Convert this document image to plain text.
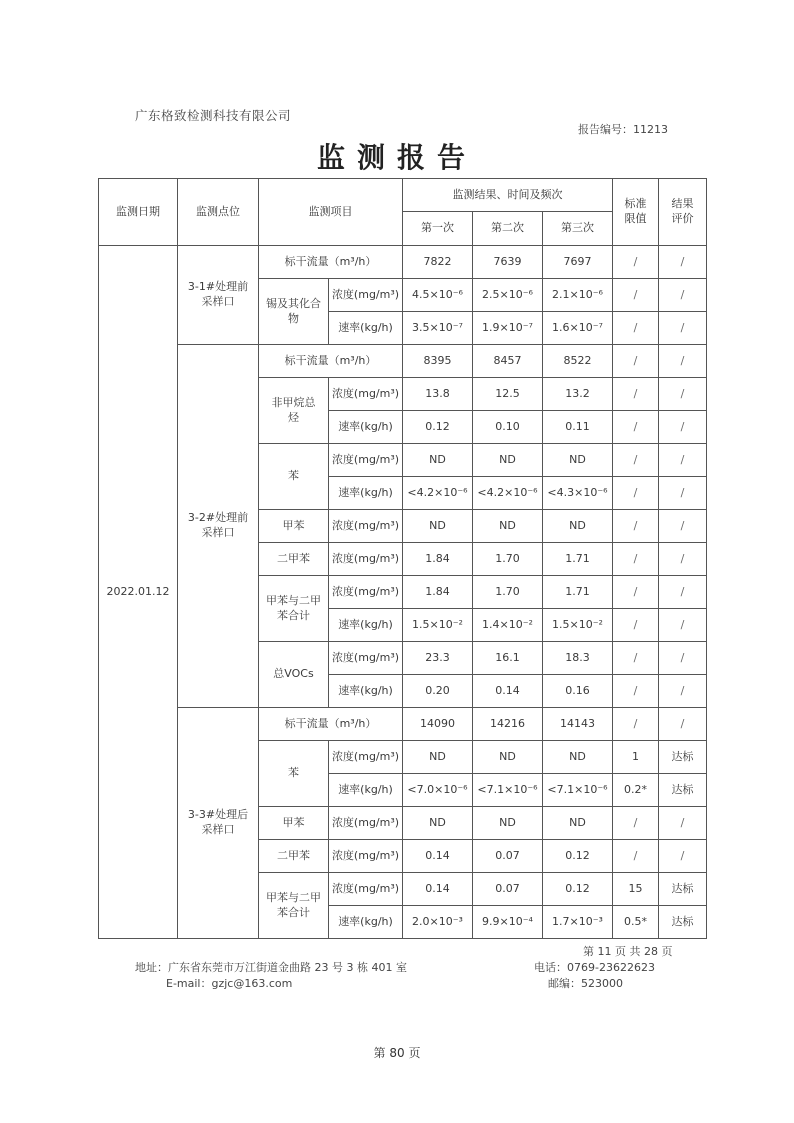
广东格致检测科技有限公司
报告编号：11213
监测报告
监测日期	监测点位	监测项目		监测结果、时间及频次			标准限值	结果评价
				第一次	第二次	第三次		
2022.01.12	3-1#处理前采样口	标干流量（m³/h）		7822	7639	7697	/	/
		锡及其化合物	浓度(mg/m³)	4.5×10⁻⁶	2.5×10⁻⁶	2.1×10⁻⁶	/	/
			速率(kg/h)	3.5×10⁻⁷	1.9×10⁻⁷	1.6×10⁻⁷	/	/
	3-2#处理前采样口	标干流量（m³/h）		8395	8457	8522	/	/
		非甲烷总烃	浓度(mg/m³)	13.8	12.5	13.2	/	/
			速率(kg/h)	0.12	0.10	0.11	/	/
		苯	浓度(mg/m³)	ND	ND	ND	/	/
			速率(kg/h)	<4.2×10⁻⁶	<4.2×10⁻⁶	<4.3×10⁻⁶	/	/
		甲苯	浓度(mg/m³)	ND	ND	ND	/	/
		二甲苯	浓度(mg/m³)	1.84	1.70	1.71	/	/
		甲苯与二甲苯合计	浓度(mg/m³)	1.84	1.70	1.71	/	/
			速率(kg/h)	1.5×10⁻²	1.4×10⁻²	1.5×10⁻²	/	/
		总VOCs	浓度(mg/m³)	23.3	16.1	18.3	/	/
			速率(kg/h)	0.20	0.14	0.16	/	/
	3-3#处理后采样口	标干流量（m³/h）		14090	14216	14143	/	/
		苯	浓度(mg/m³)	ND	ND	ND	1	达标
			速率(kg/h)	<7.0×10⁻⁶	<7.1×10⁻⁶	<7.1×10⁻⁶	0.2*	达标
		甲苯	浓度(mg/m³)	ND	ND	ND	/	/
		二甲苯	浓度(mg/m³)	0.14	0.07	0.12	/	/
		甲苯与二甲苯合计	浓度(mg/m³)	0.14	0.07	0.12	15	达标
			速率(kg/h)	2.0×10⁻³	9.9×10⁻⁴	1.7×10⁻³	0.5*	达标
第 11 页 共 28 页
地址：广东省东莞市万江街道金曲路 23 号 3 栋 401 室
E-mail：gzjc@163.com
电话：0769-23622623
邮编：523000
第 80 页
